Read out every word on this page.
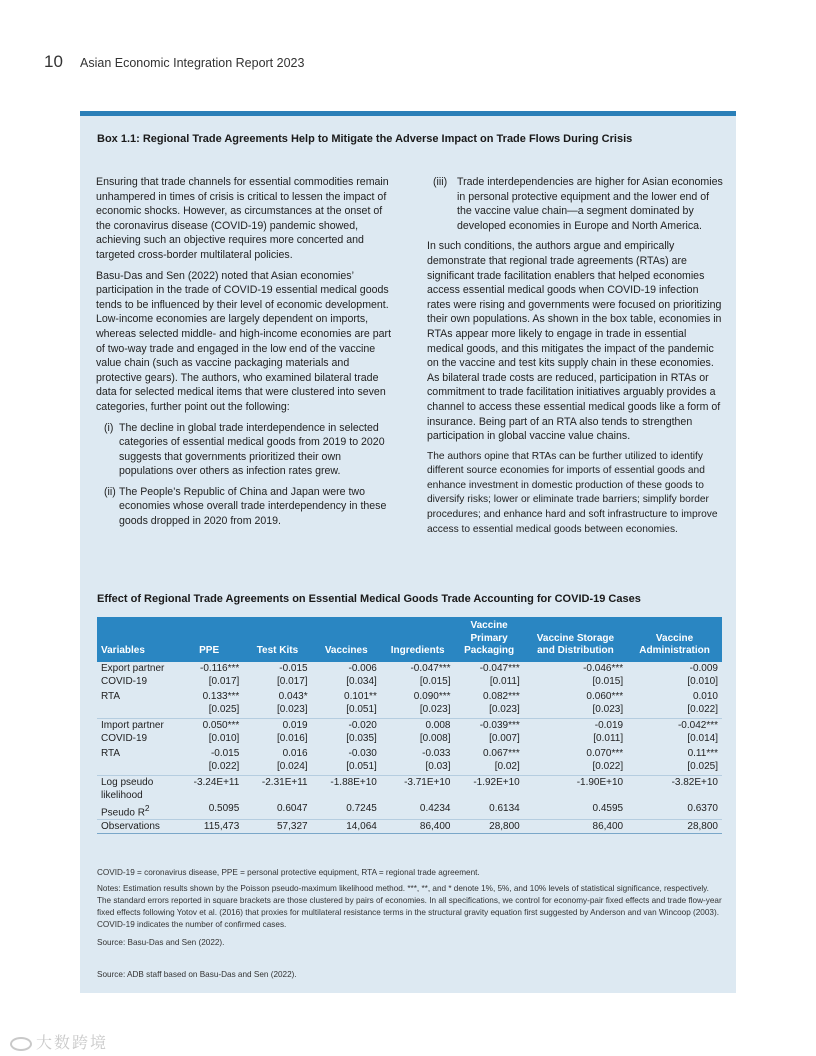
10 Asian Economic Integration Report 2023
Box 1.1: Regional Trade Agreements Help to Mitigate the Adverse Impact on Trade Flows During Crisis

Ensuring that trade channels for essential commodities remain unhampered in times of crisis is critical to lessen the impact of economic shocks. However, as circumstances at the onset of the coronavirus disease (COVID-19) pandemic showed, achieving such an objective requires more concerted and targeted cross-border multilateral policies.

Basu-Das and Sen (2022) noted that Asian economies’ participation in the trade of COVID-19 essential medical goods tends to be influenced by their level of economic development. Low-income economies are largely dependent on imports, whereas selected middle- and high-income economies are part of two-way trade and engaged in the low end of the vaccine value chain (such as vaccine packaging materials and protective gears). The authors, who examined bilateral trade data for selected medical items that were clustered into seven categories, further point out the following:

(i) The decline in global trade interdependence in selected categories of essential medical goods from 2019 to 2020 suggests that governments prioritized their own populations over others as infection rates grew.
(ii) The People’s Republic of China and Japan were two economies whose overall trade interdependency in these goods dropped in 2020 from 2019.
(iii) Trade interdependencies are higher for Asian economies in personal protective equipment and the lower end of the vaccine value chain—a segment dominated by developed economies in Europe and North America.

In such conditions, the authors argue and empirically demonstrate that regional trade agreements (RTAs) are significant trade facilitation enablers that helped economies access essential medical goods when COVID-19 infection rates were rising and governments were focused on prioritizing their own populations. As shown in the box table, economies in RTAs appear more likely to engage in trade in essential medical goods, and this mitigates the impact of the pandemic on the vaccine and test kits supply chain in these economies. As bilateral trade costs are reduced, participation in RTAs or commitment to trade facilitation initiatives arguably provides a channel to access these essential medical goods like a form of insurance. Being part of an RTA also tends to strengthen participation in global vaccine value chains.

The authors opine that RTAs can be further utilized to identify different source economies for imports of essential goods and enhance investment in domestic production of these goods to diversify risks; lower or eliminate trade barriers; simplify border procedures; and enhance hard and soft infrastructure to improve access to essential medical goods between economies.

Effect of Regional Trade Agreements on Essential Medical Goods Trade Accounting for COVID-19 Cases
Variables	PPE	Test Kits	Vaccines	Ingredients	Vaccine
Primary
Packaging	Vaccine Storage
and Distribution	Vaccine
Administration
Export partner COVID-19	-0.116***	-0.015	-0.006	-0.047***	-0.047***	-0.046***	-0.009
	[0.017]	[0.017]	[0.034]	[0.015]	[0.011]	[0.015]	[0.010]
RTA	0.133***	0.043*	0.101**	0.090***	0.082***	0.060***	0.010
	[0.025]	[0.023]	[0.051]	[0.023]	[0.023]	[0.023]	[0.022]
Import partner COVID-19	0.050***	0.019	-0.020	0.008	-0.039***	-0.019	-0.042***
	[0.010]	[0.016]	[0.035]	[0.008]	[0.007]	[0.011]	[0.014]
RTA	-0.015	0.016	-0.030	-0.033	0.067***	0.070***	0.11***
	[0.022]	[0.024]	[0.051]	[0.03]	[0.02]	[0.022]	[0.025]
Log pseudo likelihood	-3.24E+11	-2.31E+11	-1.88E+10	-3.71E+10	-1.92E+10	-1.90E+10	-3.82E+10
Pseudo $R^2$	0.5095	0.6047	0.7245	0.4234	0.6134	0.4595	0.6370
Observations	115,473	57,327	14,064	86,400	28,800	86,400	28,800
COVID-19 = coronavirus disease, PPE = personal protective equipment, RTA = regional trade agreement.
Notes: Estimation results shown by the Poisson pseudo-maximum likelihood method. ***, **, and * denote 1%, 5%, and 10% levels of statistical significance, respectively. The standard errors reported in square brackets are those clustered by pairs of economies. In all specifications, we control for economy-pair fixed effects and trade flow-year fixed effects following Yotov et al. (2016) that proxies for multilateral resistance terms in the structural gravity equation first suggested by Anderson and van Wincoop (2003). COVID-19 indicates the number of confirmed cases.
Source: Basu-Das and Sen (2022).
Source: ADB staff based on Basu-Das and Sen (2022).
大数跨境
